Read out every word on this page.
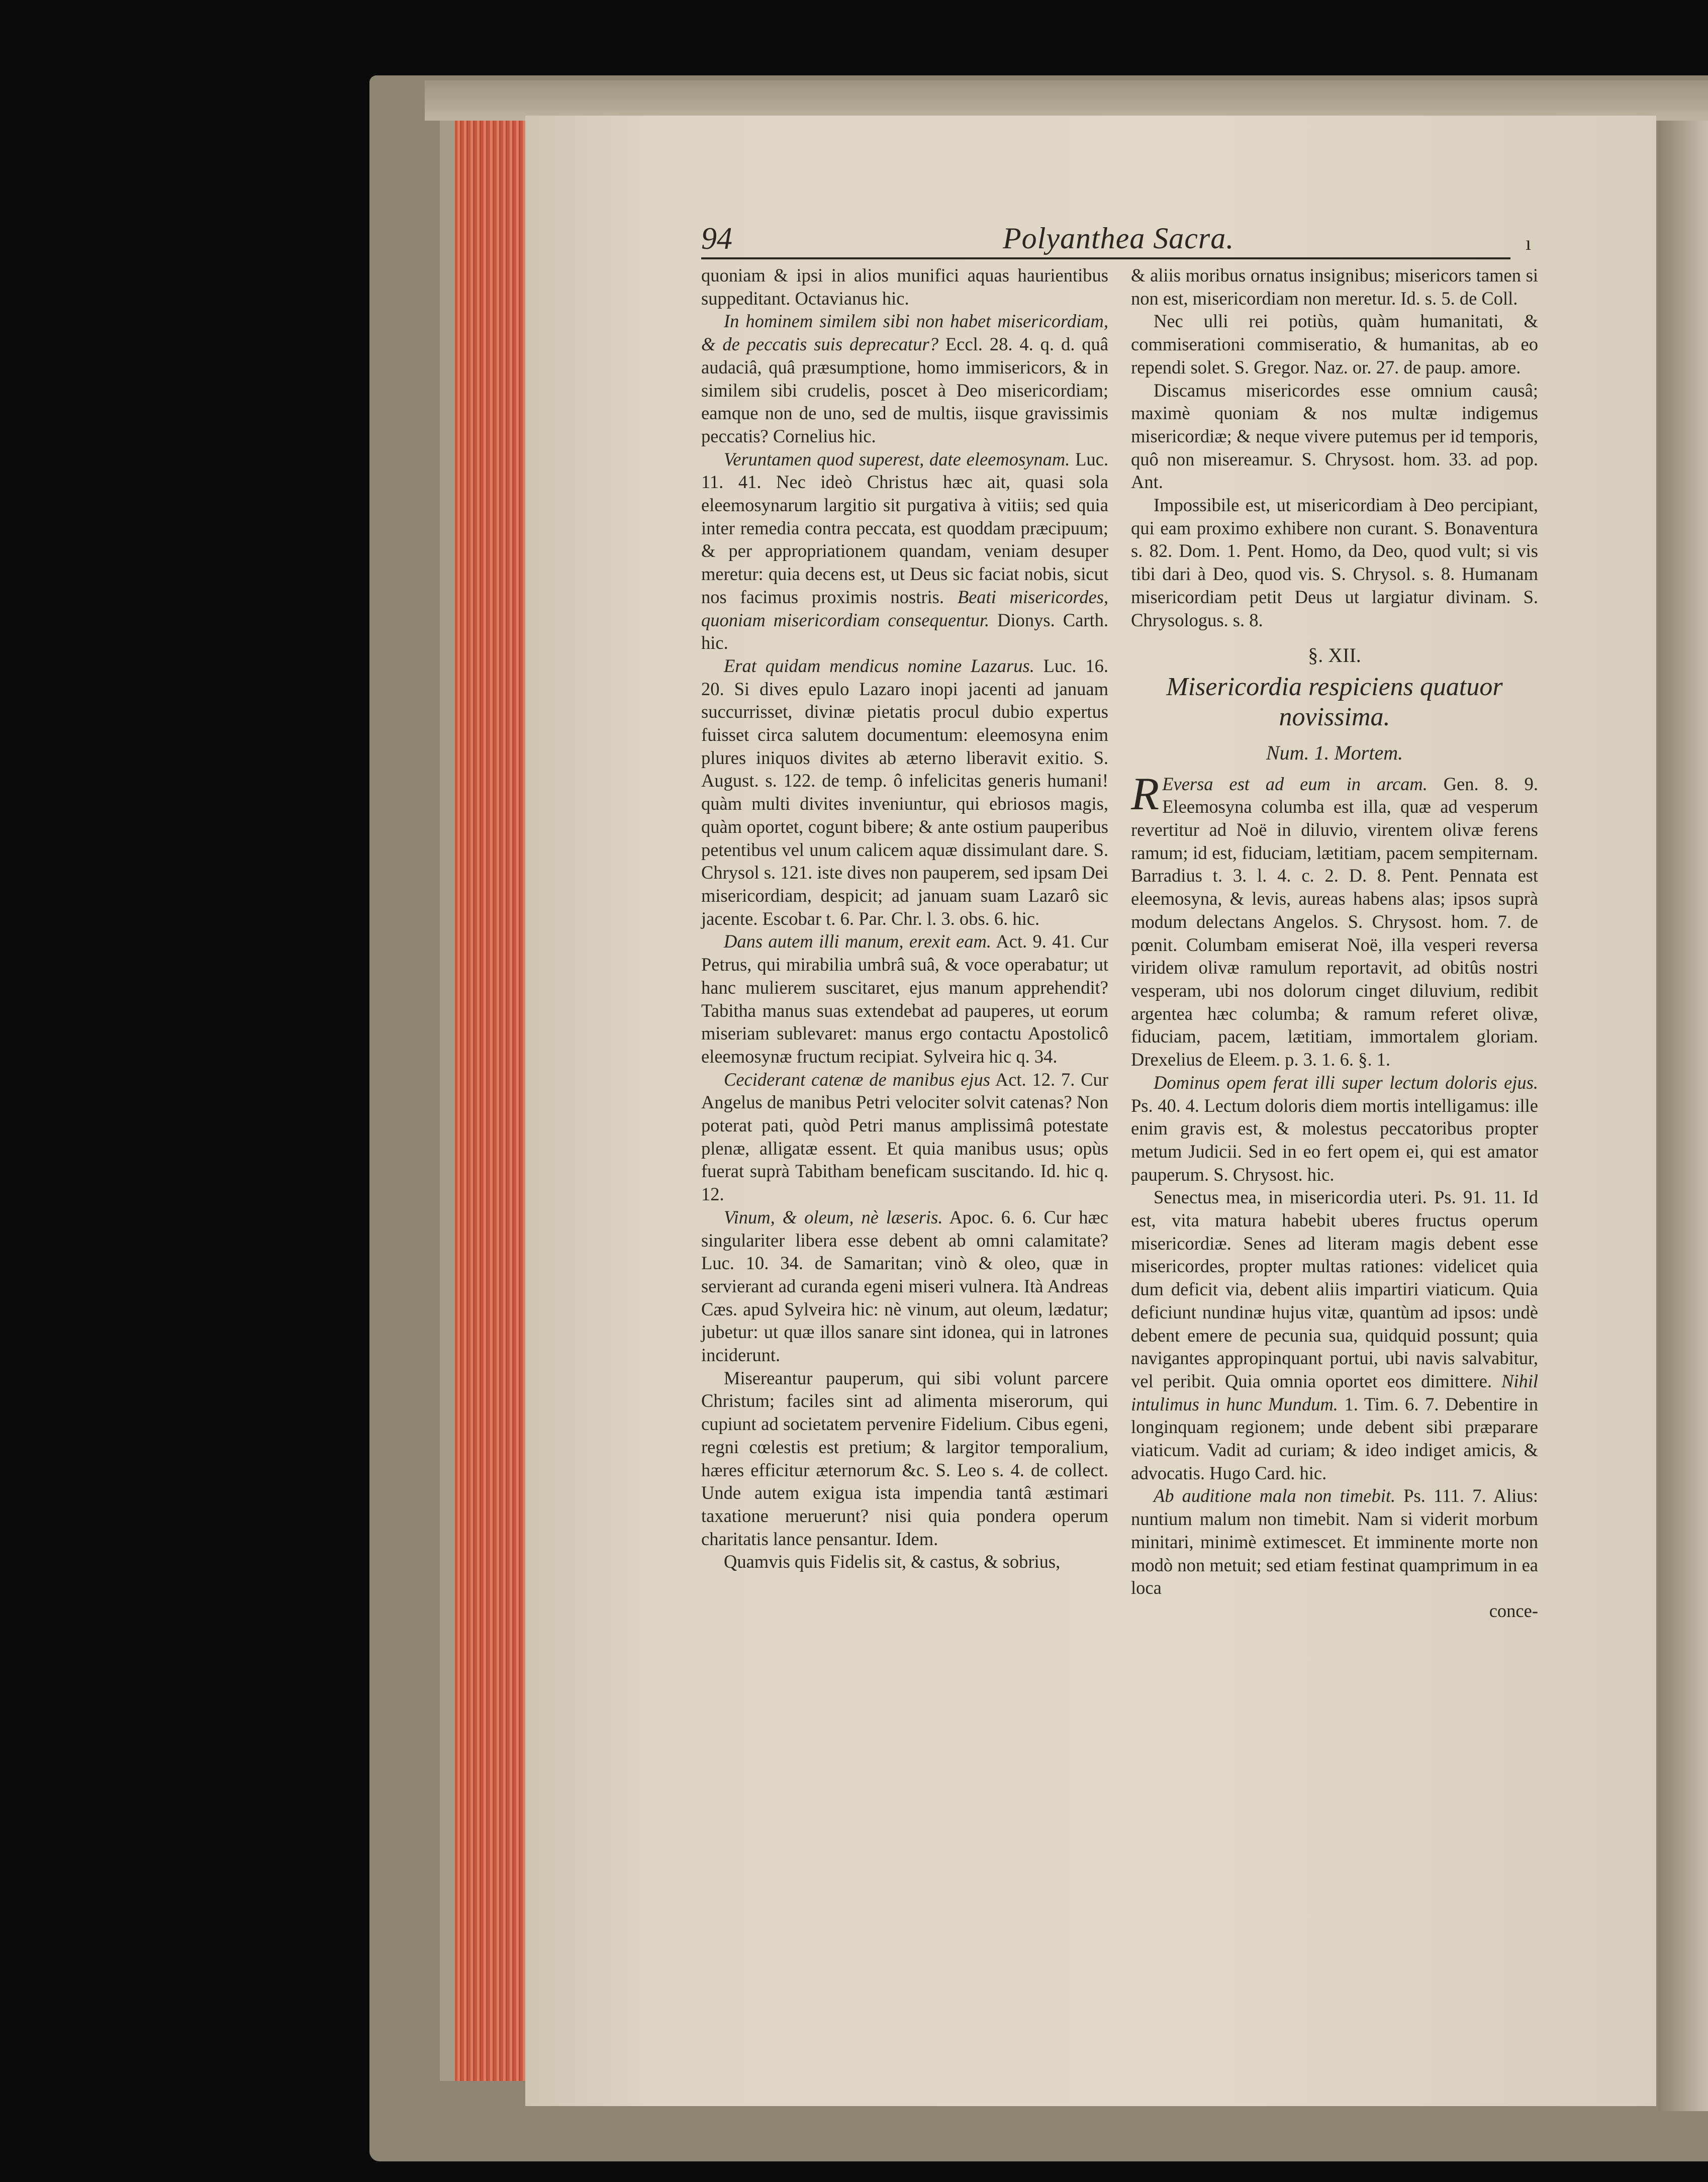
94	Polyanthea Sacra.	ı

quoniam & ipsi in alios munifici aquas haurientibus suppeditant. Octavianus hic.

In hominem similem sibi non habet misericordiam, & de peccatis suis deprecatur? Eccl. 28. 4. q. d. quâ audaciâ, quâ præsumptione, homo immisericors, & in similem sibi crudelis, poscet à Deo misericordiam; eamque non de uno, sed de multis, iisque gravissimis peccatis? Cornelius hic.

Veruntamen quod superest, date eleemosynam. Luc. 11. 41. Nec ideò Christus hæc ait, quasi sola eleemosynarum largitio sit purgativa à vitiis; sed quia inter remedia contra peccata, est quoddam præcipuum; & per appropriationem quandam, veniam desuper meretur: quia decens est, ut Deus sic faciat nobis, sicut nos facimus proximis nostris. Beati misericordes, quoniam misericordiam consequentur. Dionys. Carth. hic.

Erat quidam mendicus nomine Lazarus. Luc. 16. 20. Si dives epulo Lazaro inopi jacenti ad januam succurrisset, divinæ pietatis procul dubio expertus fuisset circa salutem documentum: eleemosyna enim plures iniquos divites ab æterno liberavit exitio. S. August. s. 122. de temp. ô infelicitas generis humani! quàm multi divites inveniuntur, qui ebriosos magis, quàm oportet, cogunt bibere; & ante ostium pauperibus petentibus vel unum calicem aquæ dissimulant dare. S. Chrysol s. 121. iste dives non pauperem, sed ipsam Dei misericordiam, despicit; ad januam suam Lazarô sic jacente. Escobar t. 6. Par. Chr. l. 3. obs. 6. hic.

Dans autem illi manum, erexit eam. Act. 9. 41. Cur Petrus, qui mirabilia umbrâ suâ, & voce operabatur; ut hanc mulierem suscitaret, ejus manum apprehendit? Tabitha manus suas extendebat ad pauperes, ut eorum miseriam sublevaret: manus ergo contactu Apostolicô eleemosynæ fructum recipiat. Sylveira hic q. 34.

Ceciderant catenæ de manibus ejus Act. 12. 7. Cur Angelus de manibus Petri velociter solvit catenas? Non poterat pati, quòd Petri manus amplissimâ potestate plenæ, alligatæ essent. Et quia manibus usus; opùs fuerat suprà Tabitham beneficam suscitando. Id. hic q. 12.

Vinum, & oleum, nè læseris. Apoc. 6. 6. Cur hæc singulariter libera esse debent ab omni calamitate? Luc. 10. 34. de Samaritan; vinò & oleo, quæ in servierant ad curanda egeni miseri vulnera. Ità Andreas Cæs. apud Sylveira hic: nè vinum, aut oleum, lædatur; jubetur: ut quæ illos sanare sint idonea, qui in latrones inciderunt.

Misereantur pauperum, qui sibi volunt parcere Christum; faciles sint ad alimenta miserorum, qui cupiunt ad societatem pervenire Fidelium. Cibus egeni, regni cœlestis est pretium; & largitor temporalium, hæres efficitur æternorum &c. S. Leo s. 4. de collect. Unde autem exigua ista impendia tantâ æstimari taxatione meruerunt? nisi quia pondera operum charitatis lance pensantur. Idem.

Quamvis quis Fidelis sit, & castus, & sobrius,

& aliis moribus ornatus insignibus; misericors tamen si non est, misericordiam non meretur. Id. s. 5. de Coll.

Nec ulli rei potiùs, quàm humanitati, & commiserationi commiseratio, & humanitas, ab eo rependi solet. S. Gregor. Naz. or. 27. de paup. amore.

Discamus misericordes esse omnium causâ; maximè quoniam & nos multæ indigemus misericordiæ; & neque vivere putemus per id temporis, quô non misereamur. S. Chrysost. hom. 33. ad pop. Ant.

Impossibile est, ut misericordiam à Deo percipiant, qui eam proximo exhibere non curant. S. Bonaventura s. 82. Dom. 1. Pent. Homo, da Deo, quod vult; si vis tibi dari à Deo, quod vis. S. Chrysol. s. 8. Humanam misericordiam petit Deus ut largiatur divinam. S. Chrysologus. s. 8.

§. XII.
Misericordia respiciens quatuor novissima.
Num. 1. Mortem.

R Eversa est ad eum in arcam. Gen. 8. 9. Eleemosyna columba est illa, quæ ad vesperum revertitur ad Noë in diluvio, virentem olivæ ferens ramum; id est, fiduciam, lætitiam, pacem sempiternam. Barradius t. 3. l. 4. c. 2. D. 8. Pent. Pennata est eleemosyna, & levis, aureas habens alas; ipsos suprà modum delectans Angelos. S. Chrysost. hom. 7. de pœnit. Columbam emiserat Noë, illa vesperi reversa viridem olivæ ramulum reportavit, ad obitûs nostri vesperam, ubi nos dolorum cinget diluvium, redibit argentea hæc columba; & ramum referet olivæ, fiduciam, pacem, lætitiam, immortalem gloriam. Drexelius de Eleem. p. 3. 1. 6. §. 1.

Dominus opem ferat illi super lectum doloris ejus. Ps. 40. 4. Lectum doloris diem mortis intelligamus: ille enim gravis est, & molestus peccatoribus propter metum Judicii. Sed in eo fert opem ei, qui est amator pauperum. S. Chrysost. hic.

Senectus mea, in misericordia uteri. Ps. 91. 11. Id est, vita matura habebit uberes fructus operum misericordiæ. Senes ad literam magis debent esse misericordes, propter multas rationes: videlicet quia dum deficit via, debent aliis impartiri viaticum. Quia deficiunt nundinæ hujus vitæ, quantùm ad ipsos: undè debent emere de pecunia sua, quidquid possunt; quia navigantes appropinquant portui, ubi navis salvabitur, vel peribit. Quia omnia oportet eos dimittere. Nihil intulimus in hunc Mundum. 1. Tim. 6. 7. Debentire in longinquam regionem; unde debent sibi præparare viaticum. Vadit ad curiam; & ideo indiget amicis, & advocatis. Hugo Card. hic.

Ab auditione mala non timebit. Ps. 111. 7. Alius: nuntium malum non timebit. Nam si viderit morbum minitari, minimè extimescet. Et imminente morte non modò non metuit; sed etiam festinat quamprimum in ea loca

conce-
